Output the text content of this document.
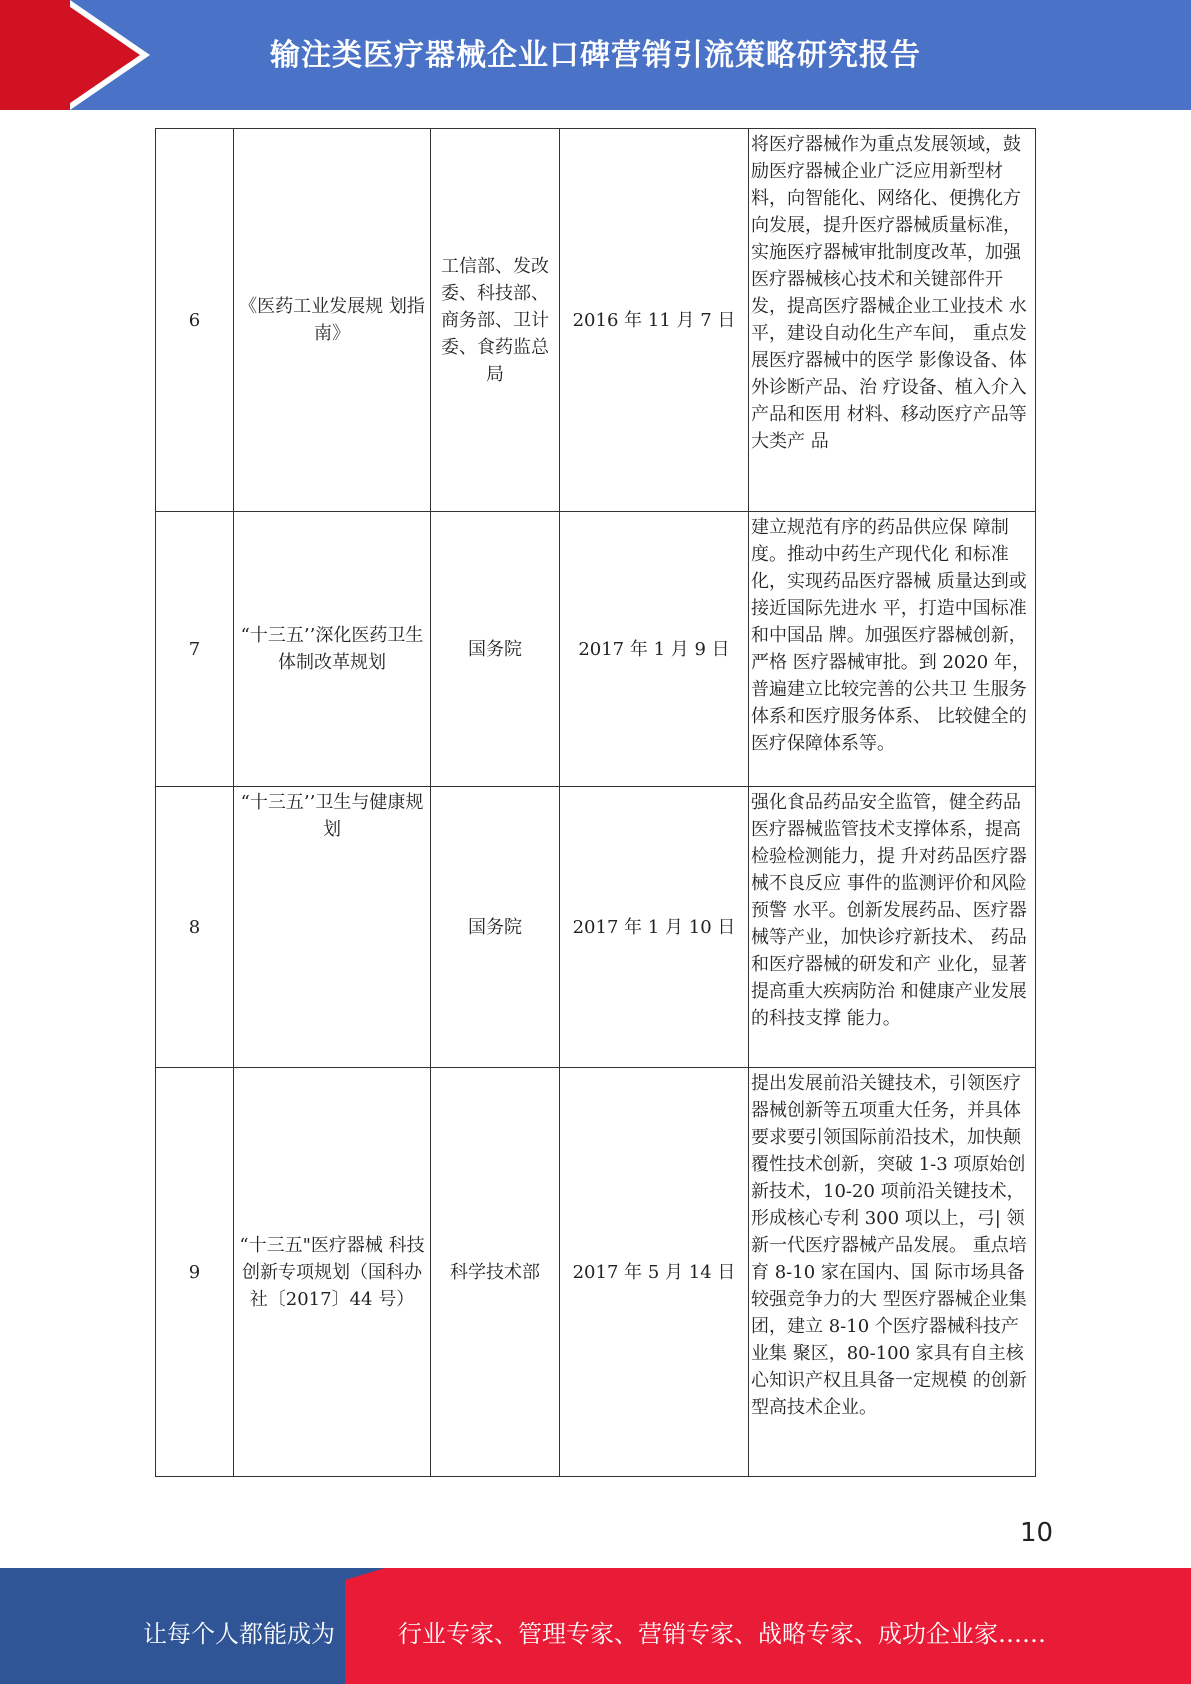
输注类医疗器械企业口碑营销引流策略研究报告
6	《医药工业发展规 划指南》	工信部、发改委、科技部、商务部、卫计委、食药监总局	2016 年 11 月 7 日	将医疗器械作为重点发展领域，鼓励医疗器械企业广泛应用新型材料，向智能化、网络化、便携化方向发展，提升医疗器械质量标准，实施医疗器械审批制度改革，加强医疗器械核心技术和关键部件开发，提高医疗器械企业工业技术 水平，建设自动化生产车间， 重点发展医疗器械中的医学 影像设备、体外诊断产品、治 疗设备、植入介入产品和医用 材料、移动医疗产品等大类产 品
7	“十三五’’深化医药卫生体制改革规划	国务院	2017 年 1 月 9 日	建立规范有序的药品供应保 障制度。推动中药生产现代化 和标准化，实现药品医疗器械 质量达到或接近国际先进水 平，打造中国标准和中国品 牌。加强医疗器械创新，严格 医疗器械审批。到 2020 年， 普遍建立比较完善的公共卫 生服务体系和医疗服务体系、 比较健全的医疗保障体系等。
8	“十三五’’卫生与健康规划	国务院	2017 年 1 月 10 日	强化食品药品安全监管，健全药品医疗器械监管技术支撑体系，提高检验检测能力，提 升对药品医疗器械不良反应 事件的监测评价和风险预警 水平。创新发展药品、医疗器 械等产业，加快诊疗新技术、 药品和医疗器械的研发和产 业化，显著提高重大疾病防治 和健康产业发展的科技支撑 能力。
9	“十三五"医疗器械 科技创新专项规划（国科办社〔2017〕44 号）	科学技术部	2017 年 5 月 14 日	提出发展前沿关键技术，引领医疗器械创新等五项重大任务，并具体要求要引领国际前沿技术，加快颠覆性技术创新，突破 1-3 项原始创新技术，10-20 项前沿关键技术， 形成核心专利 300 项以上，弓| 领新一代医疗器械产品发展。 重点培育 8-10 家在国内、国 际市场具备较强竞争力的大 型医疗器械企业集团，建立 8-10 个医疗器械科技产业集 聚区，80-100 家具有自主核 心知识产权且具备一定规模 的创新型高技术企业。
10
让每个人都能成为	行业专家、管理专家、营销专家、战略专家、成功企业家……
